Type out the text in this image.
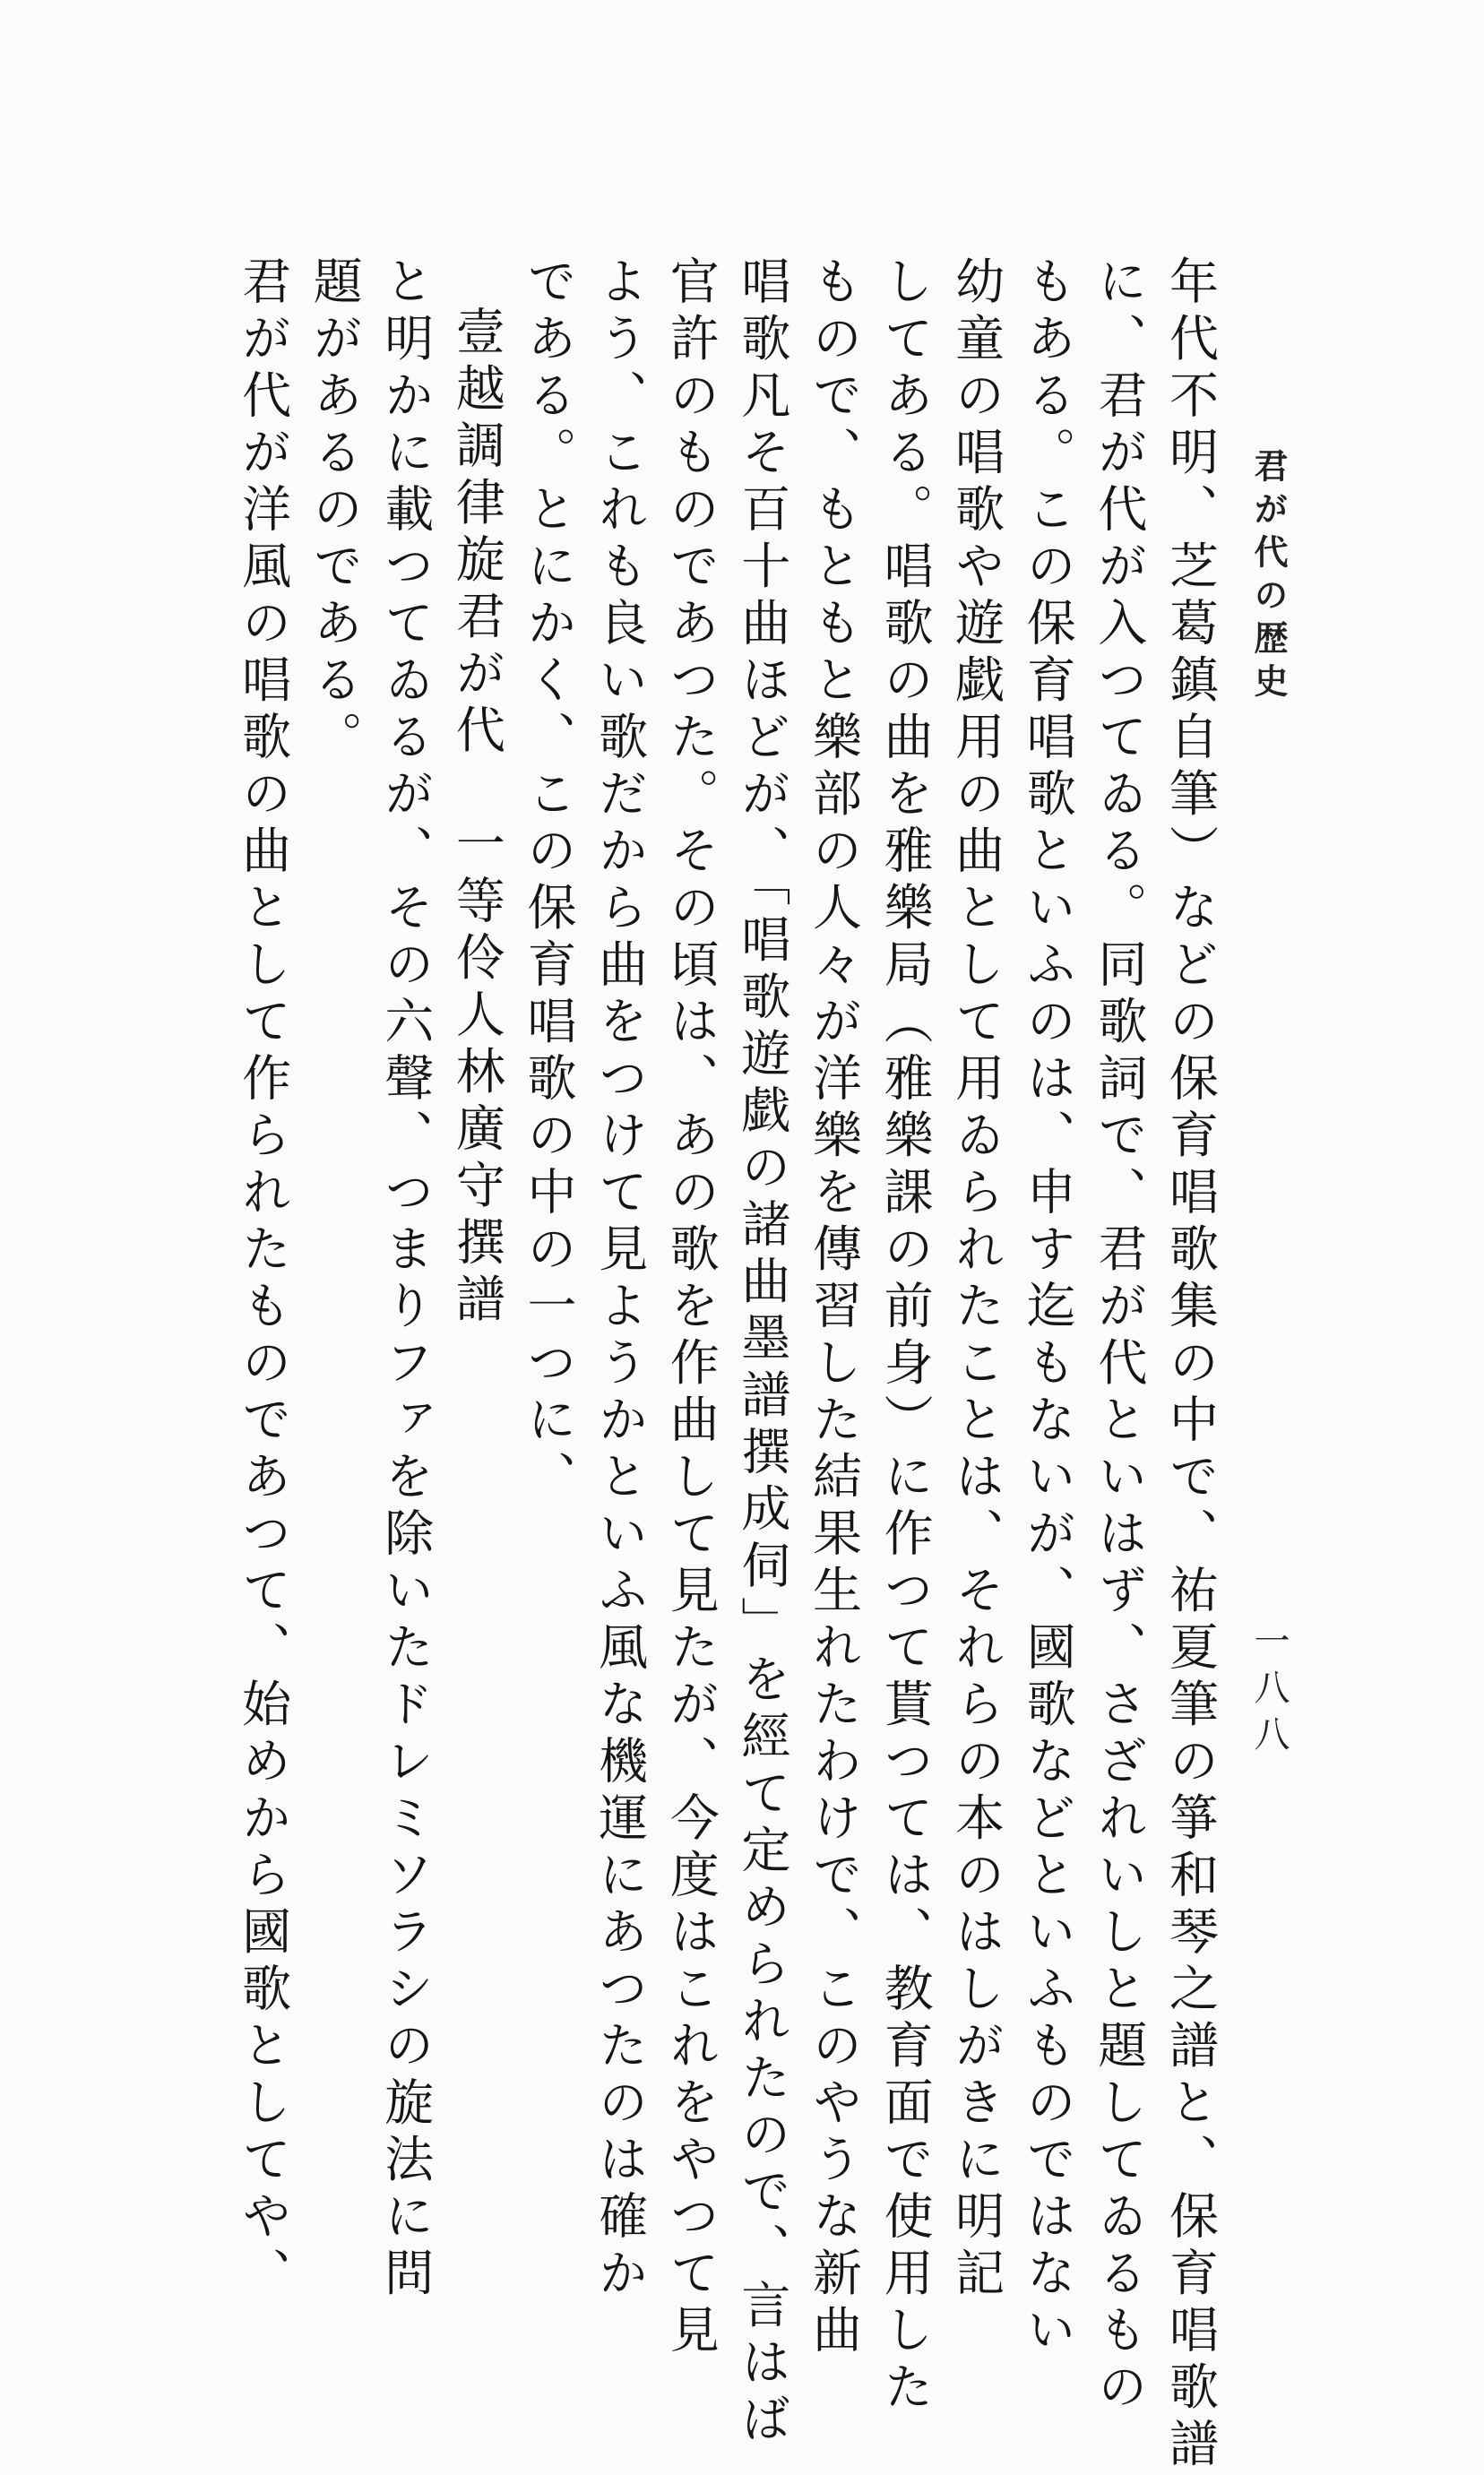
君が代の歴史
一八八
年代不明、芝葛鎮自筆）などの保育唱歌集の中で、祐夏筆の箏和琴之譜と、保育唱歌譜
に、君が代が入つてゐる。同歌詞で、君が代といはず、さざれいしと題してゐるもの
もある。この保育唱歌といふのは、申す迄もないが、國歌などといふものではない
幼童の唱歌や遊戯用の曲として用ゐられたことは、それらの本のはしがきに明記
してある。唱歌の曲を雅樂局（雅樂課の前身）に作つて貰つては、教育面で使用した
もので、もともと樂部の人々が洋樂を傳習した結果生れたわけで、このやうな新曲
唱歌凡そ百十曲ほどが、「唱歌遊戯の諸曲墨譜撰成伺」を經て定められたので、言はば
官許のものであつた。その頃は、あの歌を作曲して見たが、今度はこれをやつて見
よう、これも良い歌だから曲をつけて見ようかといふ風な機運にあつたのは確か
である。とにかく、この保育唱歌の中の一つに、
壹越調律旋君が代　一等伶人林廣守撰譜
と明かに載つてゐるが、その六聲、つまりファを除いたドレミソラシの旋法に問
題があるのである。
君が代が洋風の唱歌の曲として作られたものであつて、始めから國歌としてや、
